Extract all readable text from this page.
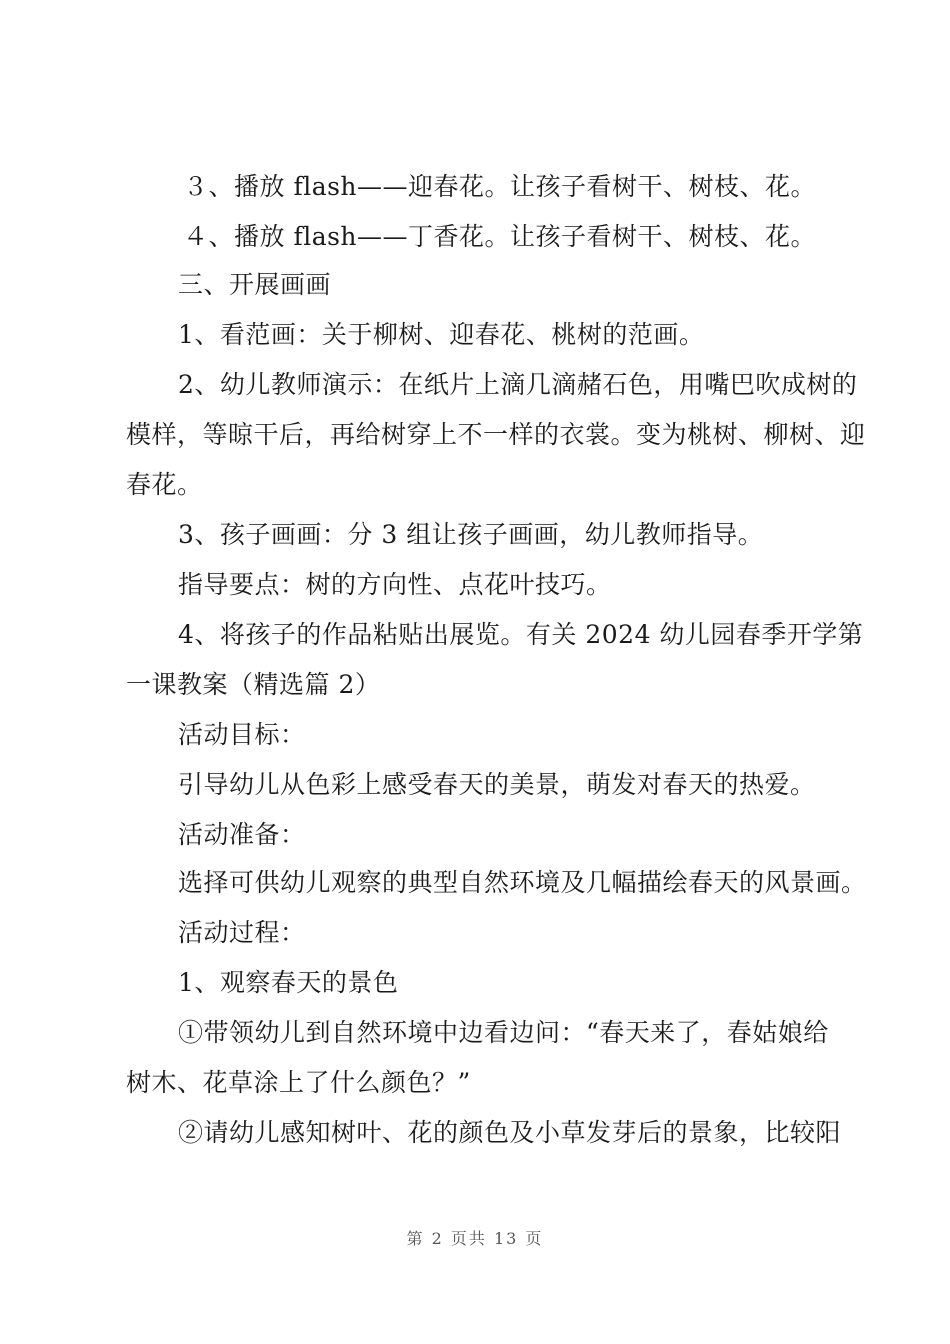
３、播放 flash——迎春花。让孩子看树干、树枝、花。
４、播放 flash——丁香花。让孩子看树干、树枝、花。
三、开展画画
1、看范画：关于柳树、迎春花、桃树的范画。
2、幼儿教师演示：在纸片上滴几滴赭石色，用嘴巴吹成树的
模样，等晾干后，再给树穿上不一样的衣裳。变为桃树、柳树、迎
春花。
3、孩子画画：分 3 组让孩子画画，幼儿教师指导。
指导要点：树的方向性、点花叶技巧。
4、将孩子的作品粘贴出展览。有关 2024 幼儿园春季开学第
一课教案（精选篇 2）
活动目标：
引导幼儿从色彩上感受春天的美景，萌发对春天的热爱。
活动准备：
选择可供幼儿观察的典型自然环境及几幅描绘春天的风景画。
活动过程：
1、观察春天的景色
①带领幼儿到自然环境中边看边问：“春天来了，春姑娘给
树木、花草涂上了什么颜色？”
②请幼儿感知树叶、花的颜色及小草发芽后的景象，比较阳
第 2 页共 13 页
